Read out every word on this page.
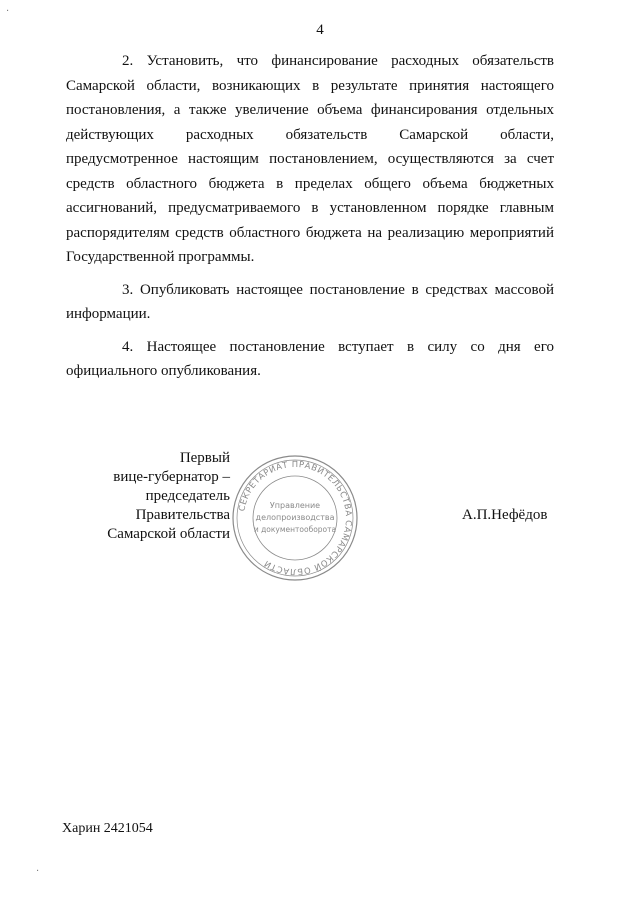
·
4

2. Установить, что финансирование расходных обязательств Самарской области, возникающих в результате принятия настоящего постановления, а также увеличение объема финансирования отдельных действующих расходных обязательств Самарской области, предусмотренное настоящим постановлением, осуществляются за счет средств областного бюджета в пределах общего объема бюджетных ассигнований, предусматриваемого в установленном порядке главным распорядителям средств областного бюджета на реализацию мероприятий Государственной программы.

3. Опубликовать настоящее постановление в средствах массовой информации.

4. Настоящее постановление вступает в силу со дня его официального опубликования.

Первый
вице-губернатор –
председатель Правительства
Самарской области
СЕКРЕТАРИАТ ПРАВИТЕЛЬСТВА САМАРСКОЙ ОБЛАСТИ
Управление
делопроизводства
и документооборота
А.П.Нефёдов
Харин 2421054
·
